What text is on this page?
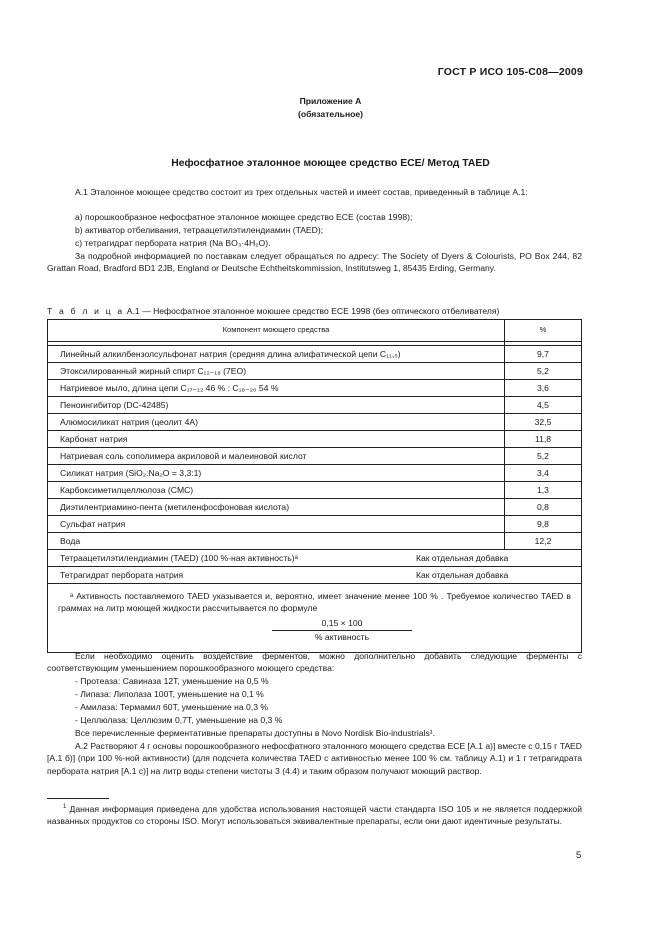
ГОСТ Р ИСО 105-С08—2009
Приложение А
(обязательное)
Нефосфатное эталонное моющее средство ECE/ Метод TAED
А.1 Эталонное моющее средство состоит из трех отдельных частей и имеет состав, приведенный в таблице А.1:
а) порошкообразное нефосфатное эталонное моющее средство ECE (состав 1998);
b) активатор отбеливания, тетраацетилэтилендиамин (TAED);
c) тетрагидрат пербората натрия (Na BO₃·4H₂O).
За подробной информацией по поставкам следует обращаться по адресу: The Society of Dyers & Colourists, PO Box 244, 82 Grattan Road, Bradford BD1 2JB, England or Deutsche Echtheitskommission, Institutsweg 1, 85435 Erding, Germany.
Т а б л и ц а А.1 — Нефосфатное эталонное моюшее средство ЕСЕ 1998 (без оптического отбеливателя)
Компонент моющего средства	%

Линейный алкилбензолсульфонат натрия (средняя длина алифатической цепи C₁₁,₅)	9,7
Этоксилированный жирный спирт C₁₂₋₁₈ (7EO)	5,2
Натриевое мыло, длина цепи C₁₇₋₁₂ 46 % : C₁₈₋₂₀ 54 %	3,6
Пеноингибитор (DC-42485)	4,5
Алюмосиликат натрия (цеолит 4A)	32,5
Карбонат натрия	11,8
Натриевая соль сополимера акриловой и малеиновой кислот	5,2
Силикат натрия (SiO₂:Na₂O = 3,3:1)	3,4
Карбоксиметилцеллюлоза (CMC)	1,3
Диэтилентриамино-пента (метиленфосфоновая кислота)	0,8
Сульфат натрия	9,8
Вода	12,2
Тетраацетилэтилендиамин (TAED) (100 %-ная активность)ᵃ Как отдельная добавка	
Тетрагидрат пербората натрия Как отдельная добавка	

ᵃ Активность поставляемого TAED указывается и, вероятно, имеет значение менее 100 % . Требуемое количество TAED в граммах на литр моющей жидкости рассчитывается по формуле
0,15 × 100
% активность	
Если необходимо оценить воздействие ферментов, можно дополнительно добавить следующие ферменты с соответствующим уменьшением порошкообразного моющего средства:
- Протеаза: Савиназа 12T, уменьшение на 0,5 %
- Липаза: Липолаза 100T, уменьшение на 0,1 %
- Амилаза: Термамил 60T, уменьшение на 0,3 %
- Целлюлаза: Целлюзим 0,7T, уменьшение на 0,3 %
Все перечисленные ферментативные препараты доступны в Novo Nordisk Bio-industrials¹.
А.2 Растворяют 4 г основы порошкообразного нефосфатного эталонного моющего средства ECE [А.1 а)] вместе с 0,15 г TAED [А.1 б)] (при 100 %-ной активности) (для подсчета количества TAED с активностью менее 100 % см. таблицу А.1) и 1 г тетрагидрата пербората натрия [А.1 с)] на литр воды степени чистоты 3 (4.4) и таким образом получают моющий раствор.
$^1$ Данная информация приведена для удобства использования настоящей части стандарта ISO 105 и не является поддержкой названных продуктов со стороны ISO. Могут использоваться эквивалентные препараты, если они дают идентичные результаты.
5
